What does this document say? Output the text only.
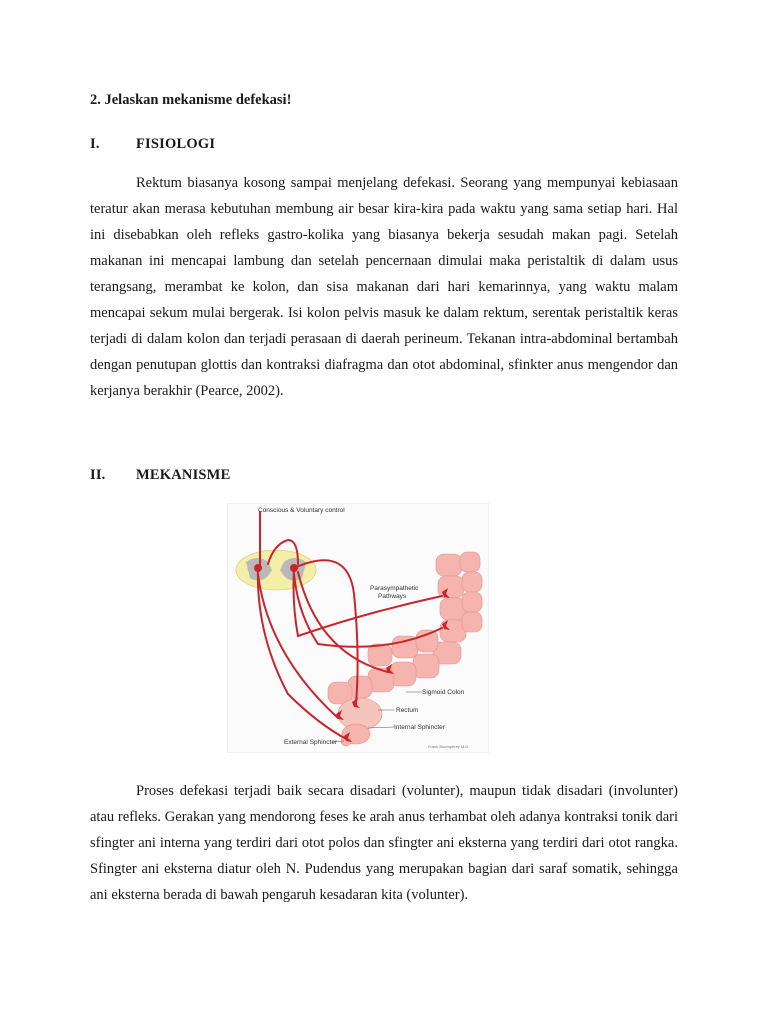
2. Jelaskan mekanisme defekasi!

I.	FISIOLOGI

Rektum biasanya kosong sampai menjelang defekasi. Seorang yang mempunyai kebiasaan teratur akan merasa kebutuhan membung air besar kira-kira pada waktu yang sama setiap hari. Hal ini disebabkan oleh refleks gastro-kolika yang biasanya bekerja sesudah makan pagi. Setelah makanan ini mencapai lambung dan setelah pencernaan dimulai maka peristaltik di dalam usus terangsang, merambat ke kolon, dan sisa makanan dari hari kemarinnya, yang waktu malam mencapai sekum mulai bergerak. Isi kolon pelvis masuk ke dalam rektum, serentak peristaltik keras terjadi di dalam kolon dan terjadi perasaan di daerah perineum. Tekanan intra-abdominal bertambah dengan penutupan glottis dan kontraksi diafragma dan otot abdominal, sfinkter anus mengendor dan kerjanya berakhir (Pearce, 2002).

II. MEKANISME

Conscious & Voluntary control
Parasympathetic
Pathways
Sigmoid Colon
Rectum
Internal Sphincter
External Sphincter
Frank Boumphrey M.D.

Proses defekasi terjadi baik secara disadari (volunter), maupun tidak disadari (involunter) atau refleks. Gerakan yang mendorong feses ke arah anus terhambat oleh adanya kontraksi tonik dari sfingter ani interna yang terdiri dari otot polos dan sfingter ani eksterna yang terdiri dari otot rangka. Sfingter ani eksterna diatur oleh N. Pudendus yang merupakan bagian dari saraf somatik, sehingga ani eksterna berada di bawah pengaruh kesadaran kita (volunter).
